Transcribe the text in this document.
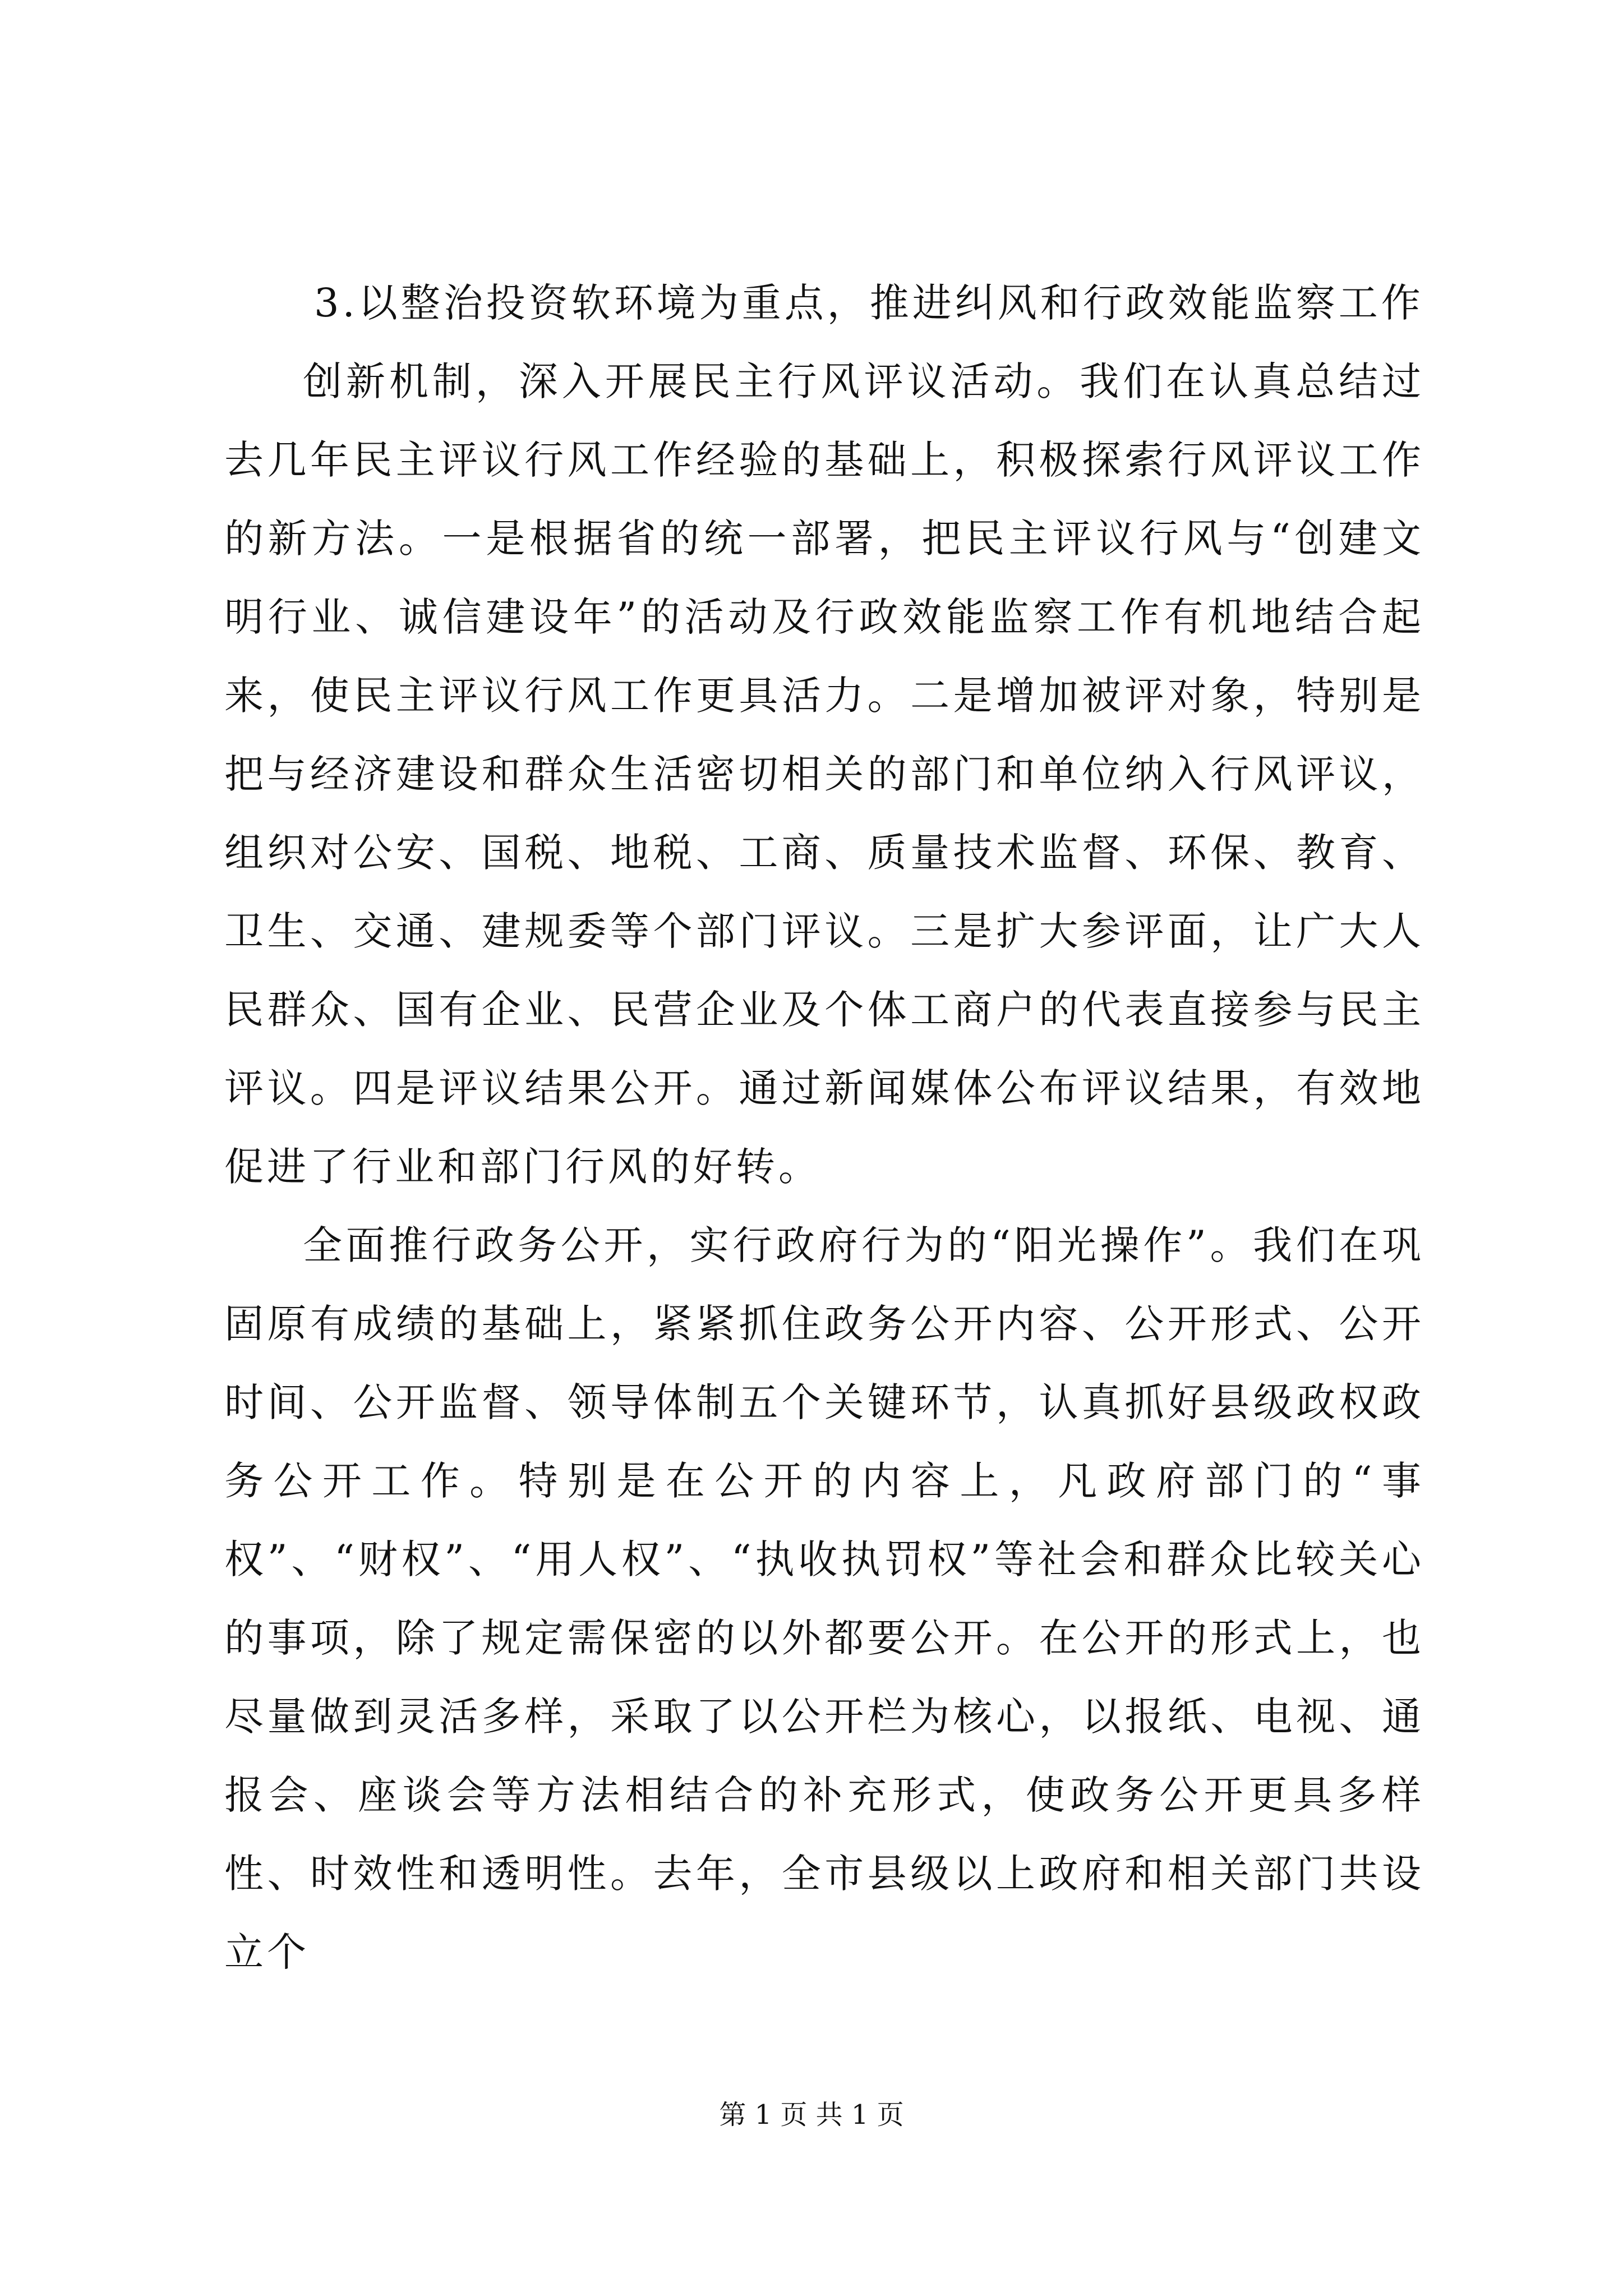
3.以整治投资软环境为重点，推进纠风和行政效能监察工作

创新机制，深入开展民主行风评议活动。我们在认真总结过去几年民主评议行风工作经验的基础上，积极探索行风评议工作的新方法。一是根据省的统一部署，把民主评议行风与“创建文明行业、诚信建设年”的活动及行政效能监察工作有机地结合起来，使民主评议行风工作更具活力。二是增加被评对象，特别是把与经济建设和群众生活密切相关的部门和单位纳入行风评议，组织对公安、国税、地税、工商、质量技术监督、环保、教育、卫生、交通、建规委等个部门评议。三是扩大参评面，让广大人民群众、国有企业、民营企业及个体工商户的代表直接参与民主评议。四是评议结果公开。通过新闻媒体公布评议结果，有效地促进了行业和部门行风的好转。

全面推行政务公开，实行政府行为的“阳光操作”。我们在巩固原有成绩的基础上，紧紧抓住政务公开内容、公开形式、公开时间、公开监督、领导体制五个关键环节，认真抓好县级政权政务公开工作。特别是在公开的内容上，凡政府部门的“事权”、“财权”、“用人权”、“执收执罚权”等社会和群众比较关心的事项，除了规定需保密的以外都要公开。在公开的形式上，也尽量做到灵活多样，采取了以公开栏为核心，以报纸、电视、通报会、座谈会等方法相结合的补充形式，使政务公开更具多样性、时效性和透明性。去年，全市县级以上政府和相关部门共设立个

第 1 页 共 1 页
